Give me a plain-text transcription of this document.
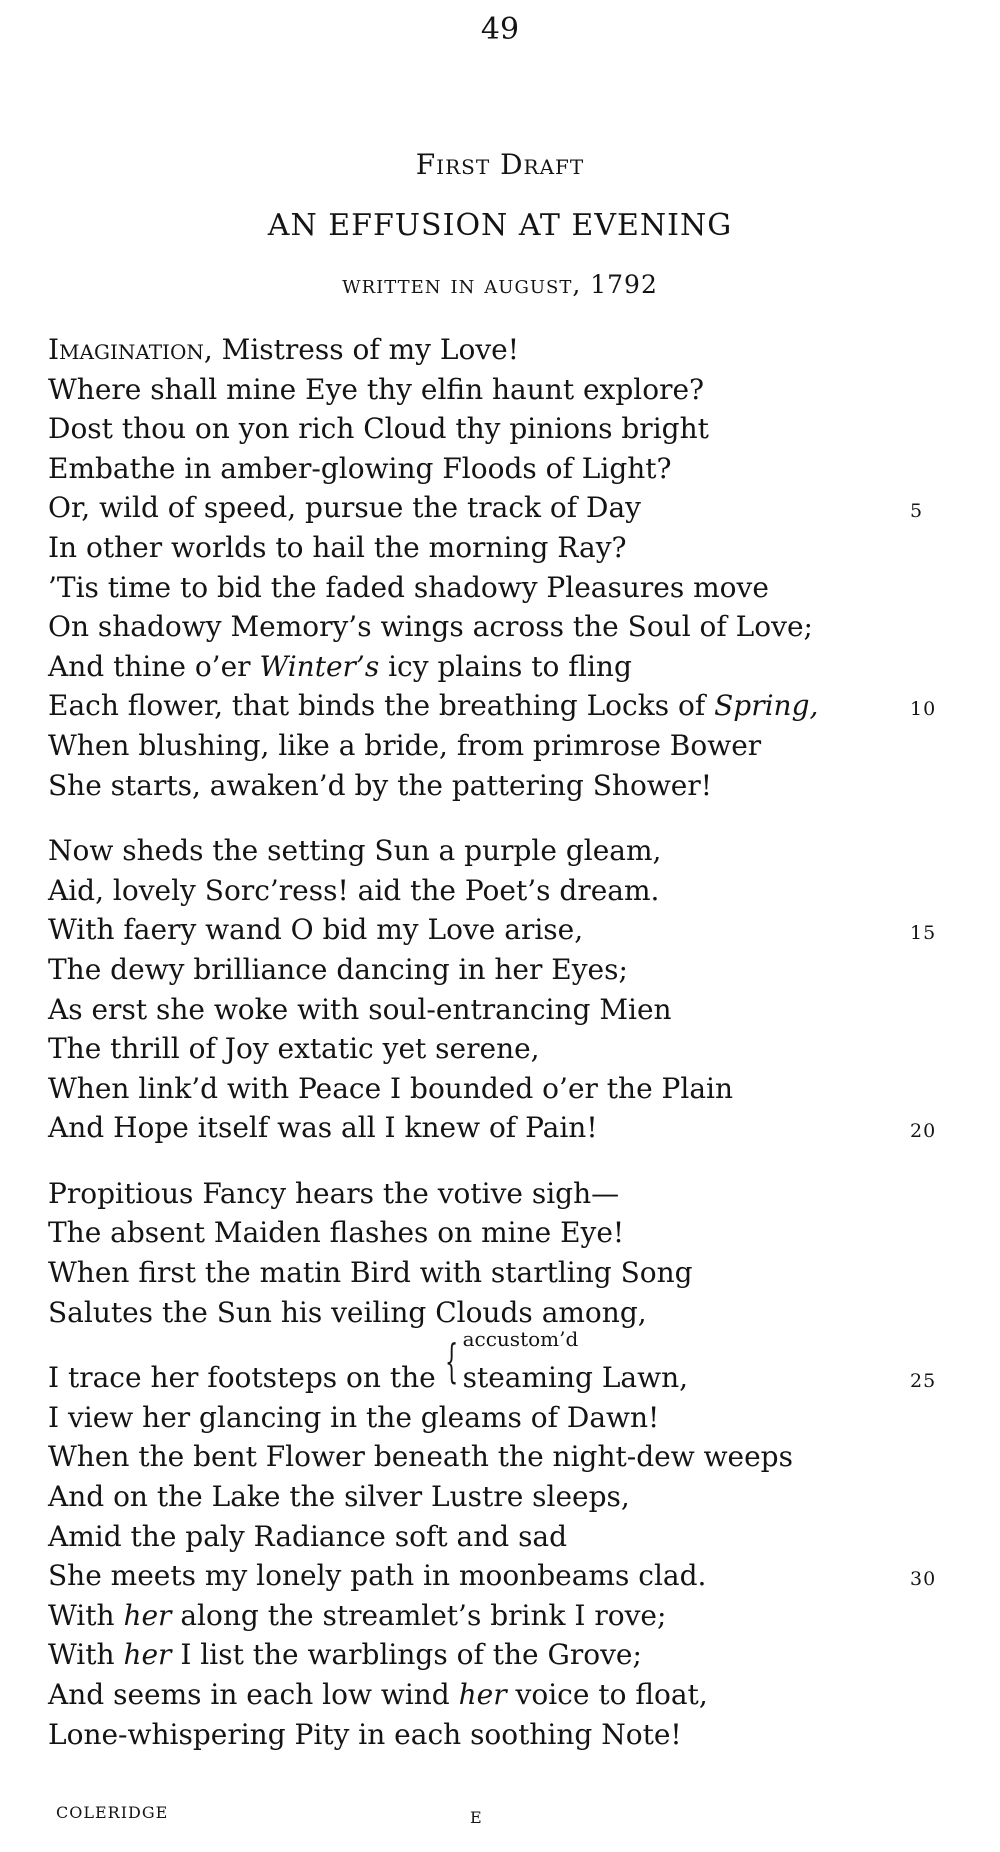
49
First Draft
AN EFFUSION AT EVENING
written in august, 1792
Imagination, Mistress of my Love!
Where shall mine Eye thy elfin haunt explore?
Dost thou on yon rich Cloud thy pinions bright
Embathe in amber-glowing Floods of Light?
Or, wild of speed, pursue the track of Day	5
In other worlds to hail the morning Ray?
’Tis time to bid the faded shadowy Pleasures move
On shadowy Memory’s wings across the Soul of Love;
And thine o’er Winter’s icy plains to fling
Each flower, that binds the breathing Locks of Spring,	10
When blushing, like a bride, from primrose Bower
She starts, awaken’d by the pattering Shower!
Now sheds the setting Sun a purple gleam,
Aid, lovely Sorc’ress! aid the Poet’s dream.
With faery wand O bid my Love arise,	15
The dewy brilliance dancing in her Eyes;
As erst she woke with soul-entrancing Mien
The thrill of Joy extatic yet serene,
When link’d with Peace I bounded o’er the Plain
And Hope itself was all I knew of Pain!	20
Propitious Fancy hears the votive sigh—
The absent Maiden flashes on mine Eye!
When first the matin Bird with startling Song
Salutes the Sun his veiling Clouds among,
I trace her footsteps on the { accustom’d
steaming Lawn,	25
I view her glancing in the gleams of Dawn!
When the bent Flower beneath the night-dew weeps
And on the Lake the silver Lustre sleeps,
Amid the paly Radiance soft and sad
She meets my lonely path in moonbeams clad.	30
With her along the streamlet’s brink I rove;
With her I list the warblings of the Grove;
And seems in each low wind her voice to float,
Lone-whispering Pity in each soothing Note!
COLERIDGE	E
